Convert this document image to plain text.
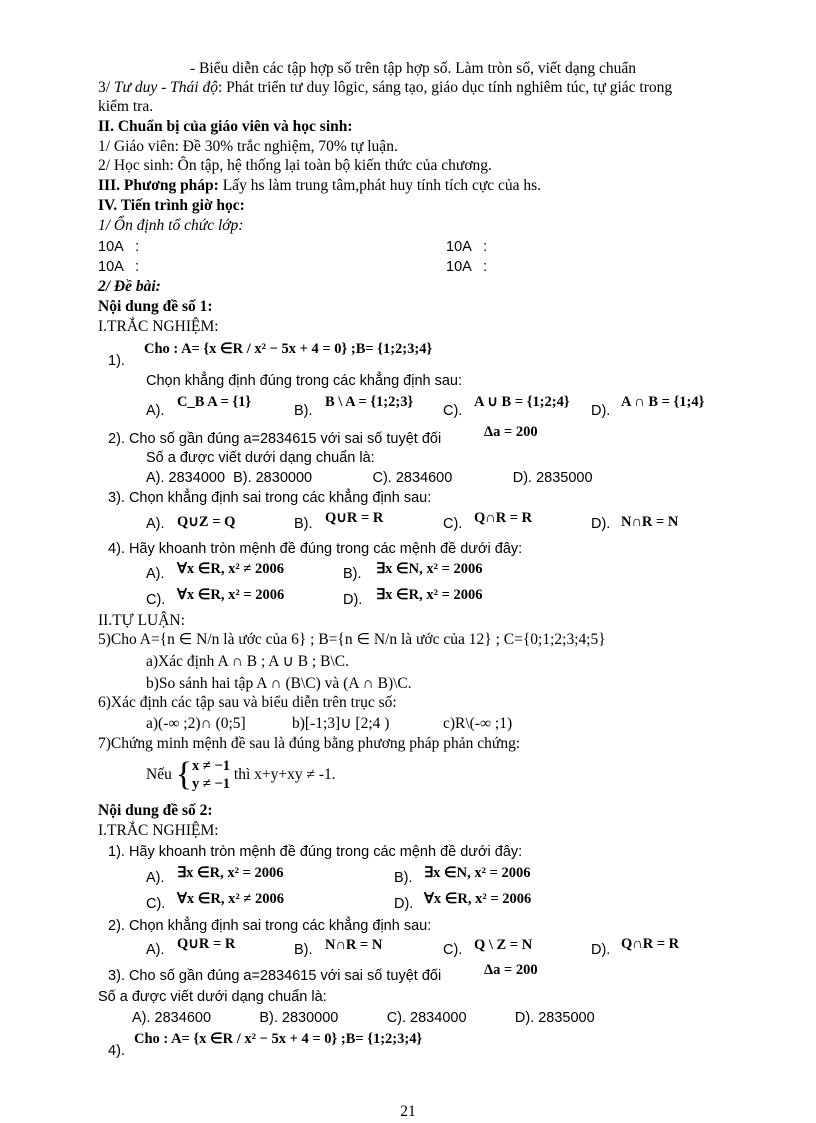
- Biểu diễn các tập hợp số trên tập hợp số. Làm tròn số, viết dạng chuẩn
3/ Tư duy - Thái độ: Phát triển tư duy lôgic, sáng tạo, giáo dục tính nghiêm túc, tự giác trong
kiểm tra.
II. Chuẩn bị của giáo viên và học sinh:
1/ Giáo viên: Đề 30% trắc nghiệm, 70% tự luận.
2/ Học sinh: Ôn tập, hệ thống lại toàn bộ kiến thức của chương.
III. Phương pháp: Lấy hs làm trung tâm,phát huy tính tích cực của hs.
IV. Tiến trình giờ học:
1/ Ổn định tổ chức lớp:
10A   :	10A   :
10A   :	10A   :
2/ Đề bài:
Nội dung đề số 1:
I.TRẮC NGHIỆM:
1).
Cho : A= {x ∈R / x² − 5x + 4 = 0} ;B= {1;2;3;4}
Chọn khẳng định đúng trong các khẳng định sau:
A).
C_B A = {1}
B).
B \ A = {1;2;3}
C).
A ∪ B = {1;2;4}
D).
A ∩ B = {1;4}
2). Cho số gần đúng a=2834615 với sai số tuyệt đối	Δa = 200
Số a được viết dưới dạng chuẩn là:
A). 2834000  B). 2830000               C). 2834600               D). 2835000
3). Chọn khẳng định sai trong các khẳng định sau:
A). Q∪Z = Q	B). Q∪R = R	C). Q∩R = R	D). N∩R = N
4). Hãy khoanh tròn mệnh đề đúng trong các mệnh đề dưới đây:
A). ∀x ∈R, x² ≠ 2006	B). ∃x ∈N, x² = 2006
C). ∀x ∈R, x² = 2006	D). ∃x ∈R, x² = 2006
II.TỰ LUẬN:
5)Cho A={n ∈ N/n là ước của 6} ; B={n ∈ N/n là ước của 12} ; C={0;1;2;3;4;5}
a)Xác định A ∩ B ; A ∪ B ; B\C.
b)So sánh hai tập A ∩ (B\C) và (A ∩ B)\C.
6)Xác định các tập sau và biểu diễn trên trục số:
a)(-∞ ;2)∩ (0;5]	b)[-1;3]∪ [2;4 )	c)R\(-∞ ;1)
7)Chứng minh mệnh đề sau là đúng bằng phương pháp phản chứng:
Nếu { x ≠ −1
y ≠ −1
thì x+y+xy ≠ -1.
Nội dung đề số 2:
I.TRẮC NGHIỆM:
1). Hãy khoanh tròn mệnh đề đúng trong các mệnh đề dưới đây:
A). ∃x ∈R, x² = 2006	B). ∃x ∈N, x² = 2006
C). ∀x ∈R, x² ≠ 2006	D). ∀x ∈R, x² = 2006
2). Chọn khẳng định sai trong các khẳng định sau:
A). Q∪R = R	B). N∩R = N	C). Q \ Z = N	D). Q∩R = R
3). Cho số gần đúng a=2834615 với sai số tuyệt đối	Δa = 200
Số a được viết dưới dạng chuẩn là:
A). 2834600            B). 2830000            C). 2834000            D). 2835000
4).
Cho : A= {x ∈R / x² − 5x + 4 = 0} ;B= {1;2;3;4}
21
